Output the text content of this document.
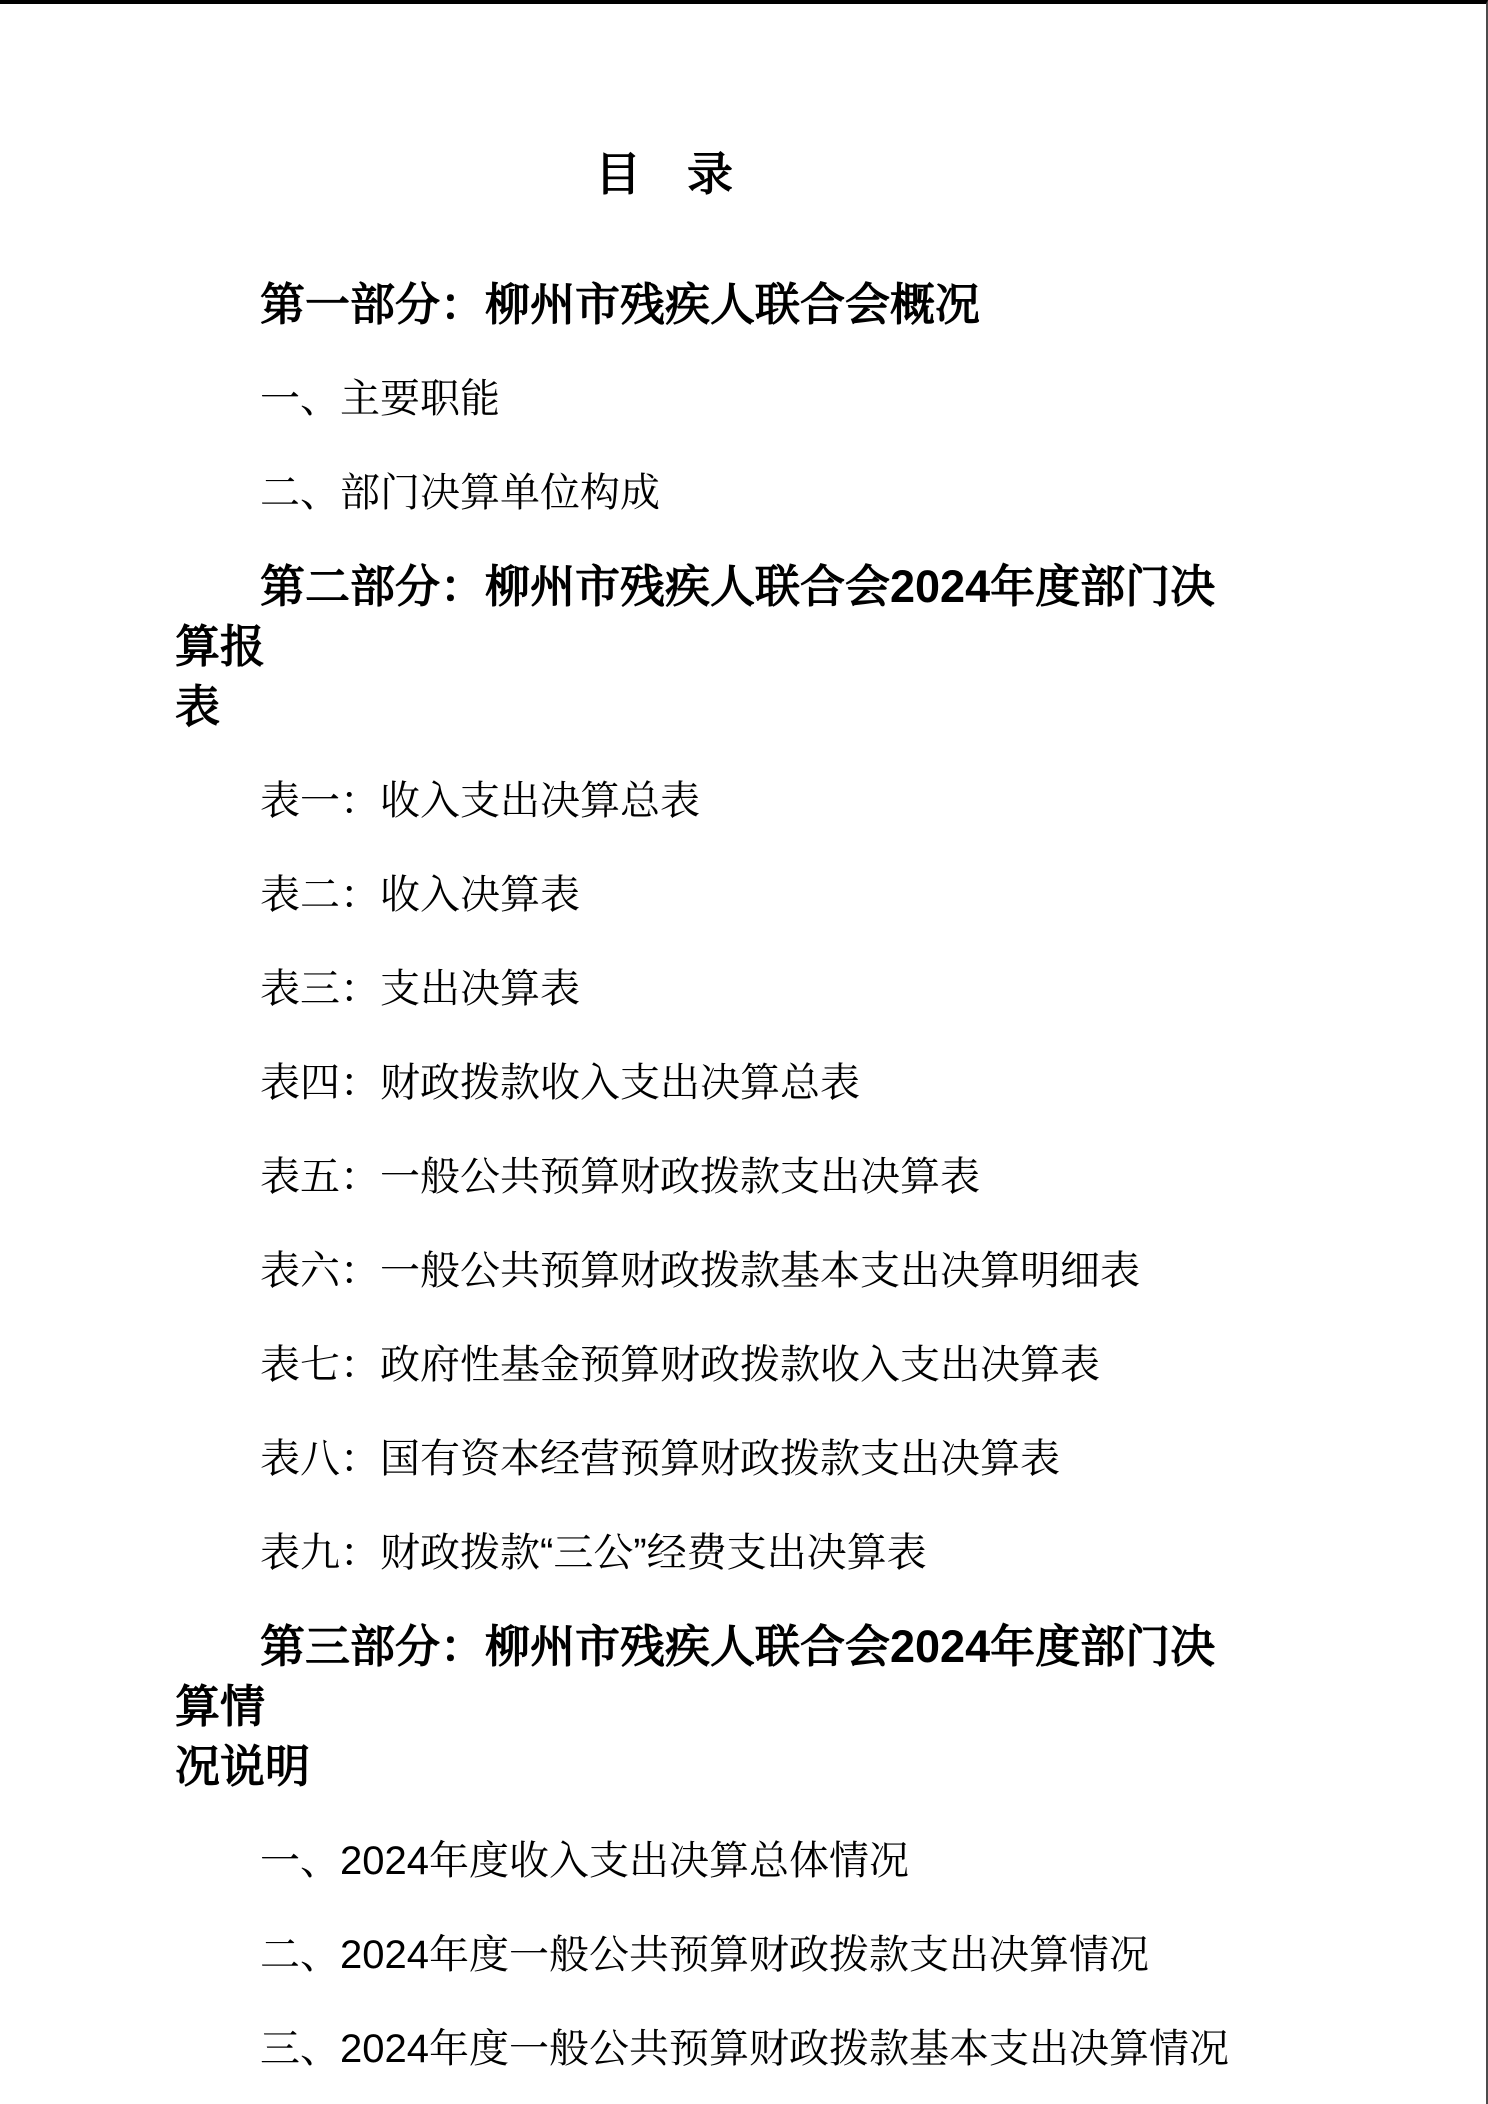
目　录

第一部分：柳州市残疾人联合会概况

一、主要职能

二、部门决算单位构成

第二部分：柳州市残疾人联合会2024年度部门决算报
表

表一：收入支出决算总表

表二：收入决算表

表三：支出决算表

表四：财政拨款收入支出决算总表

表五：一般公共预算财政拨款支出决算表

表六：一般公共预算财政拨款基本支出决算明细表

表七：政府性基金预算财政拨款收入支出决算表

表八：国有资本经营预算财政拨款支出决算表

表九：财政拨款“三公”经费支出决算表

第三部分：柳州市残疾人联合会2024年度部门决算情
况说明

一、2024年度收入支出决算总体情况

二、2024年度一般公共预算财政拨款支出决算情况

三、2024年度一般公共预算财政拨款基本支出决算情况
